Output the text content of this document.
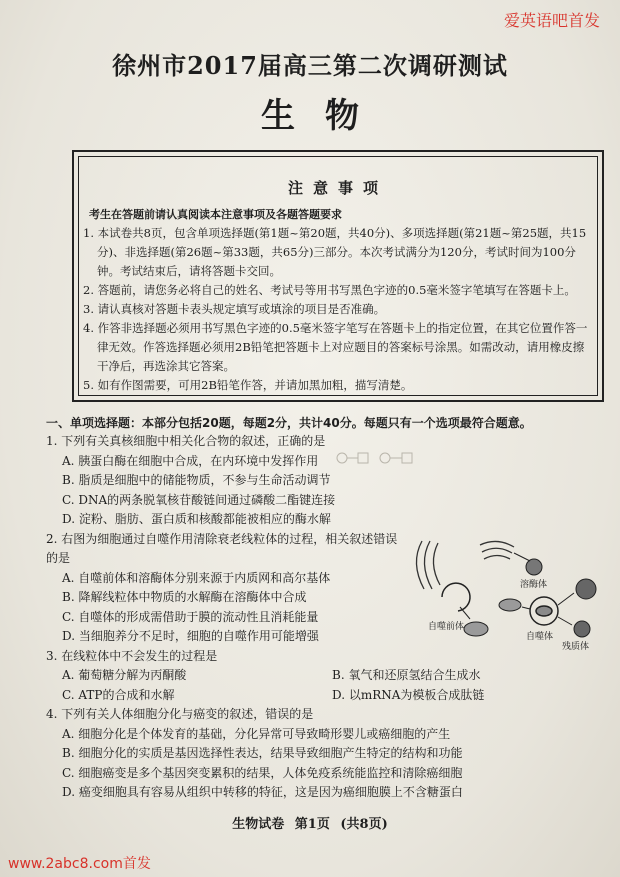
爱英语吧首发
徐州市2017届高三第二次调研测试
生物
注意事项
考生在答题前请认真阅读本注意事项及各题答题要求
1. 本试卷共8页，包含单项选择题(第1题~第20题，共40分)、多项选择题(第21题~第25题，共15分)、非选择题(第26题~第33题，共65分)三部分。本次考试满分为120分，考试时间为100分钟。考试结束后，请将答题卡交回。
2. 答题前，请您务必将自己的姓名、考试号等用书写黑色字迹的0.5毫米签字笔填写在答题卡上。
3. 请认真核对答题卡表头规定填写或填涂的项目是否准确。
4. 作答非选择题必须用书写黑色字迹的0.5毫米签字笔写在答题卡上的指定位置，在其它位置作答一律无效。作答选择题必须用2B铅笔把答题卡上对应题目的答案标号涂黑。如需改动，请用橡皮擦干净后，再选涂其它答案。
5. 如有作图需要，可用2B铅笔作答，并请加黑加粗，描写清楚。
一、单项选择题：本部分包括20题，每题2分，共计40分。每题只有一个选项最符合题意。
1. 下列有关真核细胞中相关化合物的叙述，正确的是
A. 胰蛋白酶在细胞中合成，在内环境中发挥作用
B. 脂质是细胞中的储能物质，不参与生命活动调节
C. DNA的两条脱氧核苷酸链间通过磷酸二酯键连接
D. 淀粉、脂肪、蛋白质和核酸都能被相应的酶水解
2. 右图为细胞通过自噬作用清除衰老线粒体的过程，相关叙述错误的是
A. 自噬前体和溶酶体分别来源于内质网和高尔基体
B. 降解线粒体中物质的水解酶在溶酶体中合成
C. 自噬体的形成需借助于膜的流动性且消耗能量
D. 当细胞养分不足时，细胞的自噬作用可能增强
3. 在线粒体中不会发生的过程是
A. 葡萄糖分解为丙酮酸	B. 氧气和还原氢结合生成水
C. ATP的合成和水解	D. 以mRNA为模板合成肽链
4. 下列有关人体细胞分化与癌变的叙述，错误的是
A. 细胞分化是个体发育的基础，分化异常可导致畸形婴儿或癌细胞的产生
B. 细胞分化的实质是基因选择性表达，结果导致细胞产生特定的结构和功能
C. 细胞癌变是多个基因突变累积的结果，人体免疫系统能监控和清除癌细胞
D. 癌变细胞具有容易从组织中转移的特征，这是因为癌细胞膜上不含糖蛋白
自噬前体
溶酶体
自噬体
残质体
生物试卷 第1页 (共8页)
www.2abc8.com首发
